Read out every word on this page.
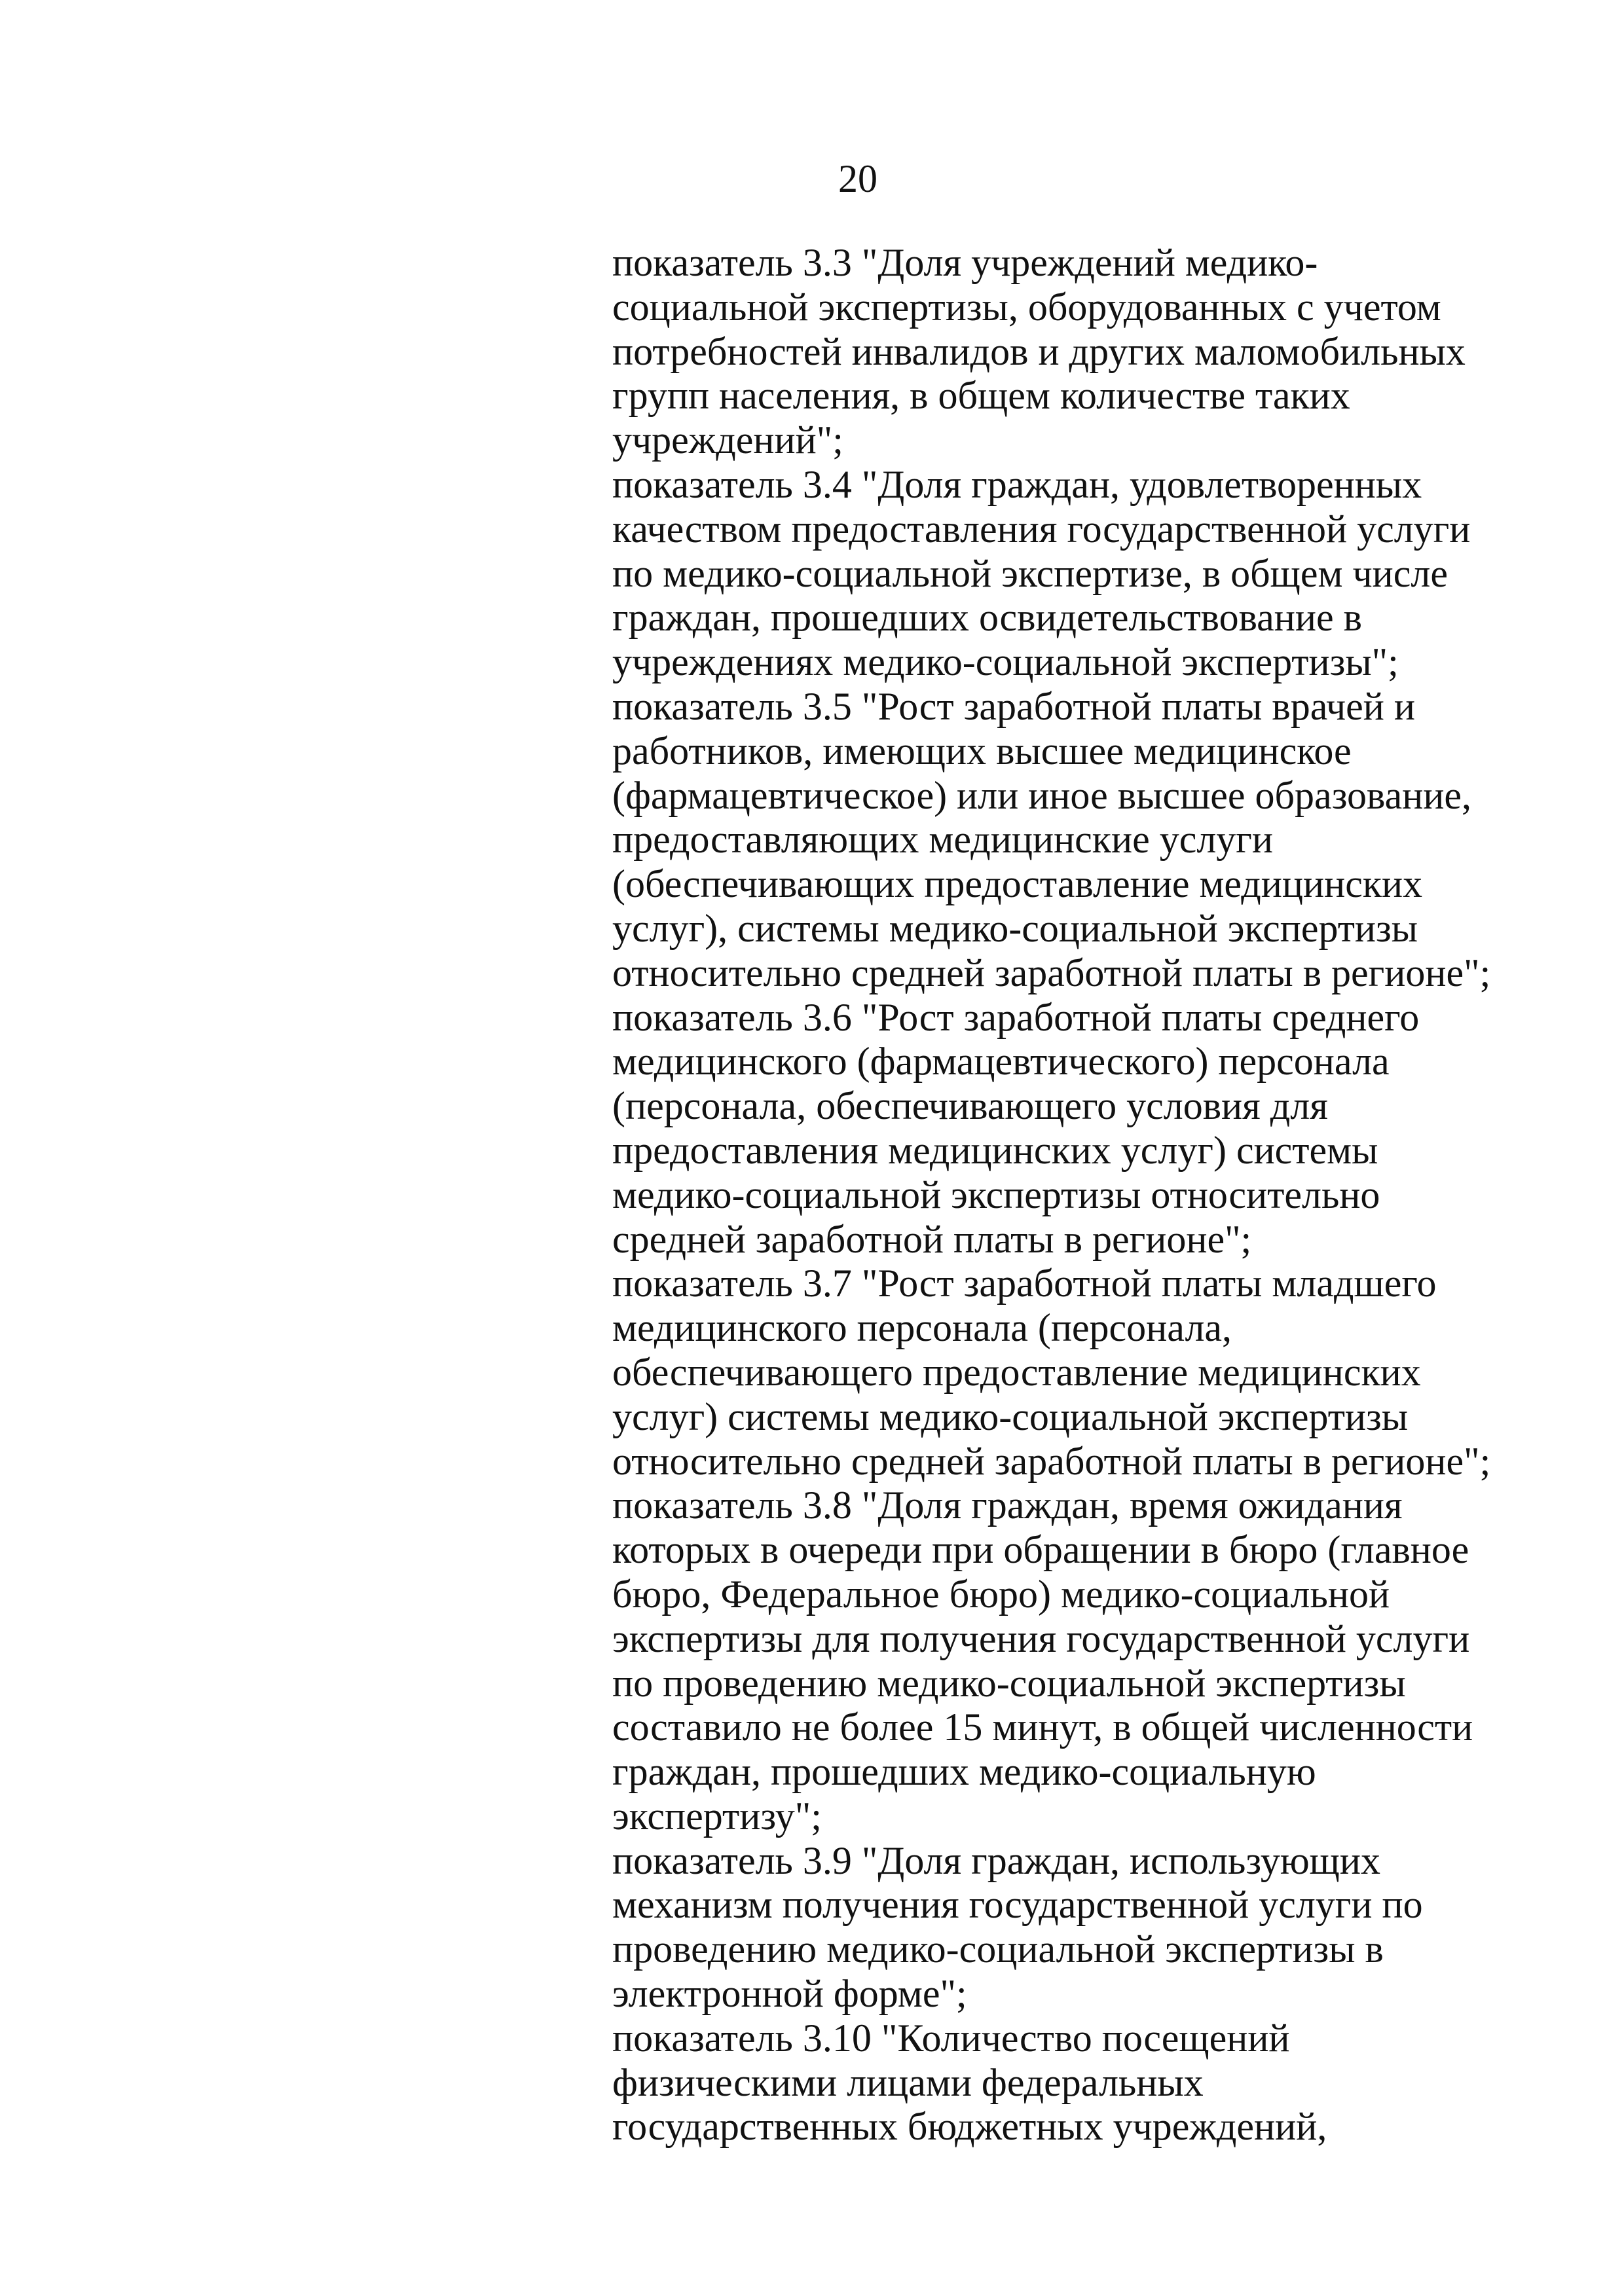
20
показатель 3.3 "Доля учреждений медико-
социальной экспертизы, оборудованных с учетом
потребностей инвалидов и других маломобильных
групп населения, в общем количестве таких
учреждений";
показатель 3.4 "Доля граждан, удовлетворенных
качеством предоставления государственной услуги
по медико-социальной экспертизе, в общем числе
граждан, прошедших освидетельствование в
учреждениях медико-социальной экспертизы";
показатель 3.5 "Рост заработной платы врачей и
работников, имеющих высшее медицинское
(фармацевтическое) или иное высшее образование,
предоставляющих медицинские услуги
(обеспечивающих предоставление медицинских
услуг), системы медико-социальной экспертизы
относительно средней заработной платы в регионе";
показатель 3.6 "Рост заработной платы среднего
медицинского (фармацевтического) персонала
(персонала, обеспечивающего условия для
предоставления медицинских услуг) системы
медико-социальной экспертизы относительно
средней заработной платы в регионе";
показатель 3.7 "Рост заработной платы младшего
медицинского персонала (персонала,
обеспечивающего предоставление медицинских
услуг) системы медико-социальной экспертизы
относительно средней заработной платы в регионе";
показатель 3.8 "Доля граждан, время ожидания
которых в очереди при обращении в бюро (главное
бюро, Федеральное бюро) медико-социальной
экспертизы для получения государственной услуги
по проведению медико-социальной экспертизы
составило не более 15 минут, в общей численности
граждан, прошедших медико-социальную
экспертизу";
показатель 3.9 "Доля граждан, использующих
механизм получения государственной услуги по
проведению медико-социальной экспертизы в
электронной форме";
показатель 3.10 "Количество посещений
физическими лицами федеральных
государственных бюджетных учреждений,
